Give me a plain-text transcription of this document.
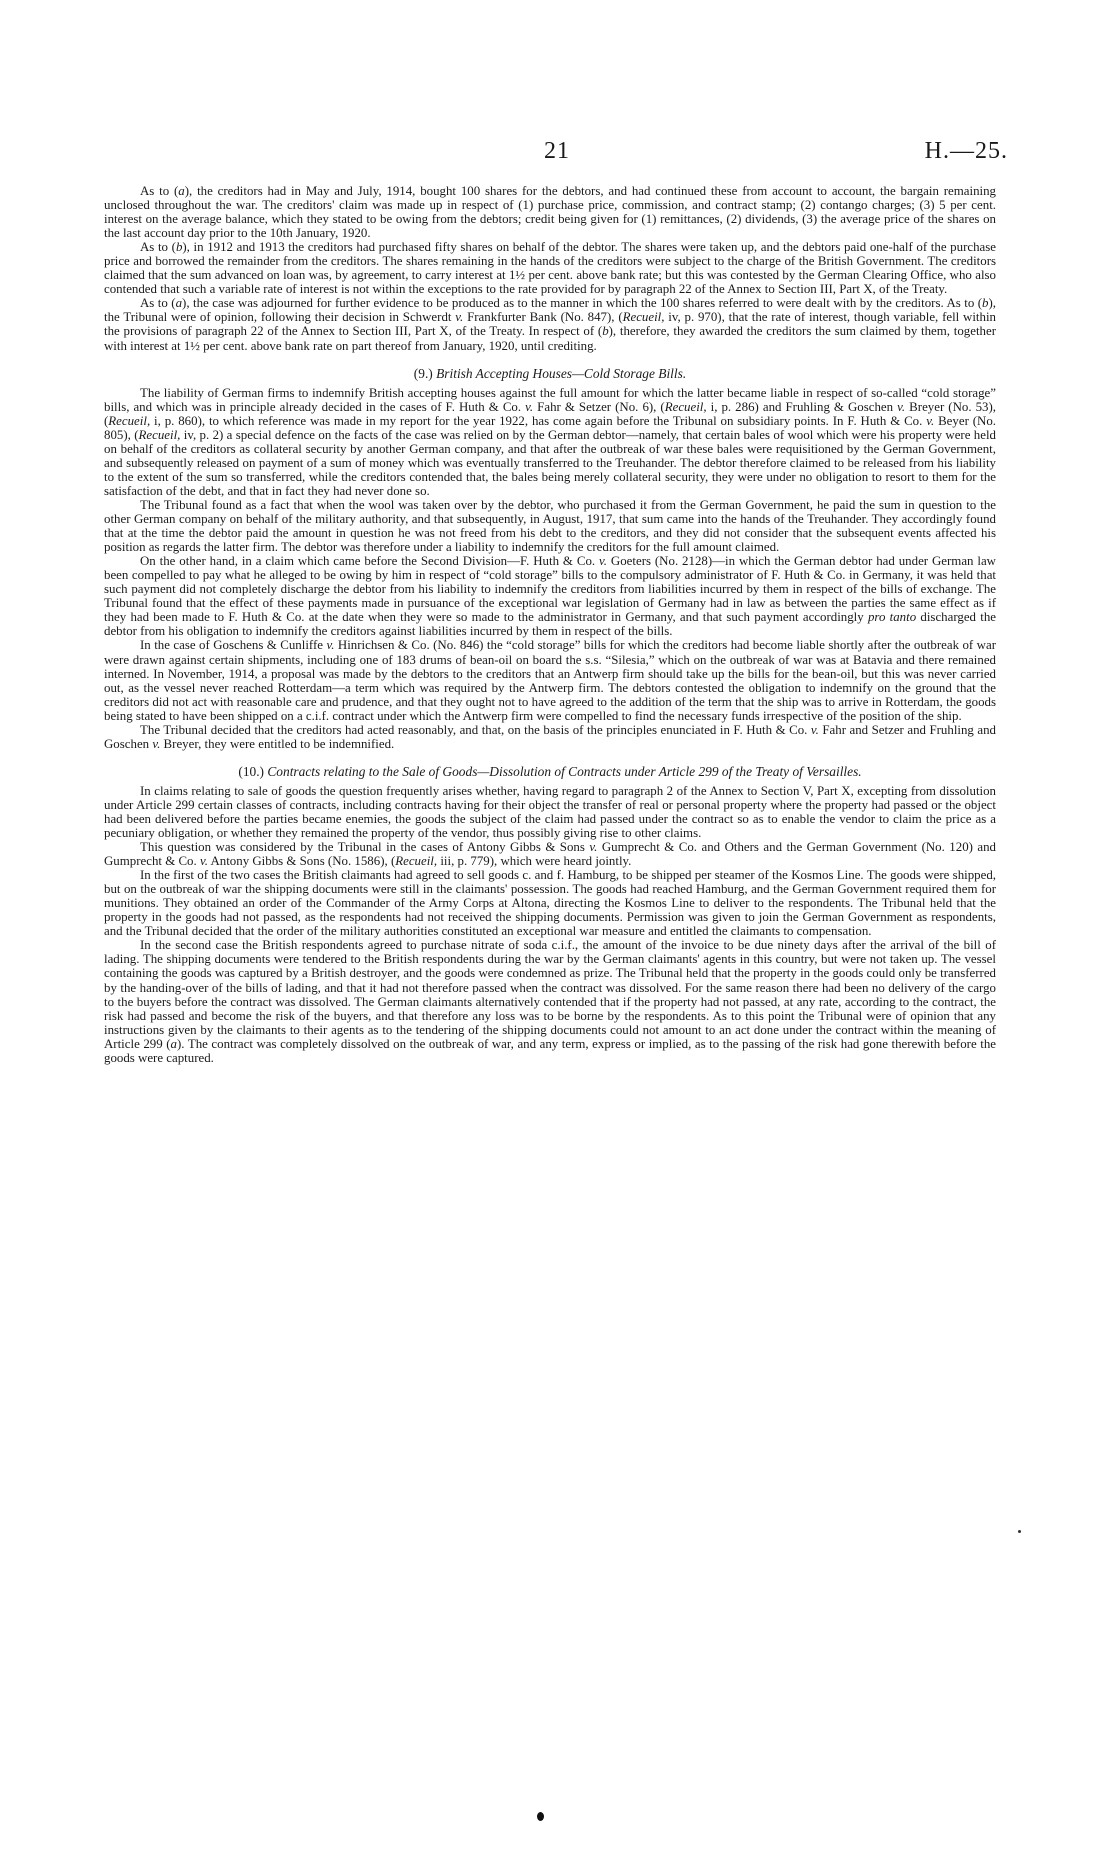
21	H.—25.

As to (a), the creditors had in May and July, 1914, bought 100 shares for the debtors, and had continued these from account to account, the bargain remaining unclosed throughout the war. The creditors' claim was made up in respect of (1) purchase price, commission, and contract stamp; (2) contango charges; (3) 5 per cent. interest on the average balance, which they stated to be owing from the debtors; credit being given for (1) remittances, (2) dividends, (3) the average price of the shares on the last account day prior to the 10th January, 1920.

As to (b), in 1912 and 1913 the creditors had purchased fifty shares on behalf of the debtor. The shares were taken up, and the debtors paid one-half of the purchase price and borrowed the remainder from the creditors. The shares remaining in the hands of the creditors were subject to the charge of the British Government. The creditors claimed that the sum advanced on loan was, by agreement, to carry interest at 1½ per cent. above bank rate; but this was contested by the German Clearing Office, who also contended that such a variable rate of interest is not within the exceptions to the rate provided for by paragraph 22 of the Annex to Section III, Part X, of the Treaty.

As to (a), the case was adjourned for further evidence to be produced as to the manner in which the 100 shares referred to were dealt with by the creditors. As to (b), the Tribunal were of opinion, following their decision in Schwerdt v. Frankfurter Bank (No. 847), (Recueil, iv, p. 970), that the rate of interest, though variable, fell within the provisions of paragraph 22 of the Annex to Section III, Part X, of the Treaty. In respect of (b), therefore, they awarded the creditors the sum claimed by them, together with interest at 1½ per cent. above bank rate on part thereof from January, 1920, until crediting.

(9.) British Accepting Houses—Cold Storage Bills.

The liability of German firms to indemnify British accepting houses against the full amount for which the latter became liable in respect of so-called “cold storage” bills, and which was in principle already decided in the cases of F. Huth & Co. v. Fahr & Setzer (No. 6), (Recueil, i, p. 286) and Fruhling & Goschen v. Breyer (No. 53), (Recueil, i, p. 860), to which reference was made in my report for the year 1922, has come again before the Tribunal on subsidiary points. In F. Huth & Co. v. Beyer (No. 805), (Recueil, iv, p. 2) a special defence on the facts of the case was relied on by the German debtor—namely, that certain bales of wool which were his property were held on behalf of the creditors as collateral security by another German company, and that after the outbreak of war these bales were requisitioned by the German Government, and subsequently released on payment of a sum of money which was eventually transferred to the Treuhander. The debtor therefore claimed to be released from his liability to the extent of the sum so transferred, while the creditors contended that, the bales being merely collateral security, they were under no obligation to resort to them for the satisfaction of the debt, and that in fact they had never done so.

The Tribunal found as a fact that when the wool was taken over by the debtor, who purchased it from the German Government, he paid the sum in question to the other German company on behalf of the military authority, and that subsequently, in August, 1917, that sum came into the hands of the Treuhander. They accordingly found that at the time the debtor paid the amount in question he was not freed from his debt to the creditors, and they did not consider that the subsequent events affected his position as regards the latter firm. The debtor was therefore under a liability to indemnify the creditors for the full amount claimed.

On the other hand, in a claim which came before the Second Division—F. Huth & Co. v. Goeters (No. 2128)—in which the German debtor had under German law been compelled to pay what he alleged to be owing by him in respect of “cold storage” bills to the compulsory administrator of F. Huth & Co. in Germany, it was held that such payment did not completely discharge the debtor from his liability to indemnify the creditors from liabilities incurred by them in respect of the bills of exchange. The Tribunal found that the effect of these payments made in pursuance of the exceptional war legislation of Germany had in law as between the parties the same effect as if they had been made to F. Huth & Co. at the date when they were so made to the administrator in Germany, and that such payment accordingly pro tanto discharged the debtor from his obligation to indemnify the creditors against liabilities incurred by them in respect of the bills.

In the case of Goschens & Cunliffe v. Hinrichsen & Co. (No. 846) the “cold storage” bills for which the creditors had become liable shortly after the outbreak of war were drawn against certain shipments, including one of 183 drums of bean-oil on board the s.s. “Silesia,” which on the outbreak of war was at Batavia and there remained interned. In November, 1914, a proposal was made by the debtors to the creditors that an Antwerp firm should take up the bills for the bean-oil, but this was never carried out, as the vessel never reached Rotterdam—a term which was required by the Antwerp firm. The debtors contested the obligation to indemnify on the ground that the creditors did not act with reasonable care and prudence, and that they ought not to have agreed to the addition of the term that the ship was to arrive in Rotterdam, the goods being stated to have been shipped on a c.i.f. contract under which the Antwerp firm were compelled to find the necessary funds irrespective of the position of the ship.

The Tribunal decided that the creditors had acted reasonably, and that, on the basis of the principles enunciated in F. Huth & Co. v. Fahr and Setzer and Fruhling and Goschen v. Breyer, they were entitled to be indemnified.

(10.) Contracts relating to the Sale of Goods—Dissolution of Contracts under Article 299 of the Treaty of Versailles.

In claims relating to sale of goods the question frequently arises whether, having regard to paragraph 2 of the Annex to Section V, Part X, excepting from dissolution under Article 299 certain classes of contracts, including contracts having for their object the transfer of real or personal property where the property had passed or the object had been delivered before the parties became enemies, the goods the subject of the claim had passed under the contract so as to enable the vendor to claim the price as a pecuniary obligation, or whether they remained the property of the vendor, thus possibly giving rise to other claims.

This question was considered by the Tribunal in the cases of Antony Gibbs & Sons v. Gumprecht & Co. and Others and the German Government (No. 120) and Gumprecht & Co. v. Antony Gibbs & Sons (No. 1586), (Recueil, iii, p. 779), which were heard jointly.

In the first of the two cases the British claimants had agreed to sell goods c. and f. Hamburg, to be shipped per steamer of the Kosmos Line. The goods were shipped, but on the outbreak of war the shipping documents were still in the claimants' possession. The goods had reached Hamburg, and the German Government required them for munitions. They obtained an order of the Commander of the Army Corps at Altona, directing the Kosmos Line to deliver to the respondents. The Tribunal held that the property in the goods had not passed, as the respondents had not received the shipping documents. Permission was given to join the German Government as respondents, and the Tribunal decided that the order of the military authorities constituted an exceptional war measure and entitled the claimants to compensation.

In the second case the British respondents agreed to purchase nitrate of soda c.i.f., the amount of the invoice to be due ninety days after the arrival of the bill of lading. The shipping documents were tendered to the British respondents during the war by the German claimants' agents in this country, but were not taken up. The vessel containing the goods was captured by a British destroyer, and the goods were condemned as prize. The Tribunal held that the property in the goods could only be transferred by the handing-over of the bills of lading, and that it had not therefore passed when the contract was dissolved. For the same reason there had been no delivery of the cargo to the buyers before the contract was dissolved. The German claimants alternatively contended that if the property had not passed, at any rate, according to the contract, the risk had passed and become the risk of the buyers, and that therefore any loss was to be borne by the respondents. As to this point the Tribunal were of opinion that any instructions given by the claimants to their agents as to the tendering of the shipping documents could not amount to an act done under the contract within the meaning of Article 299 (a). The contract was completely dissolved on the outbreak of war, and any term, express or implied, as to the passing of the risk had gone therewith before the goods were captured.
